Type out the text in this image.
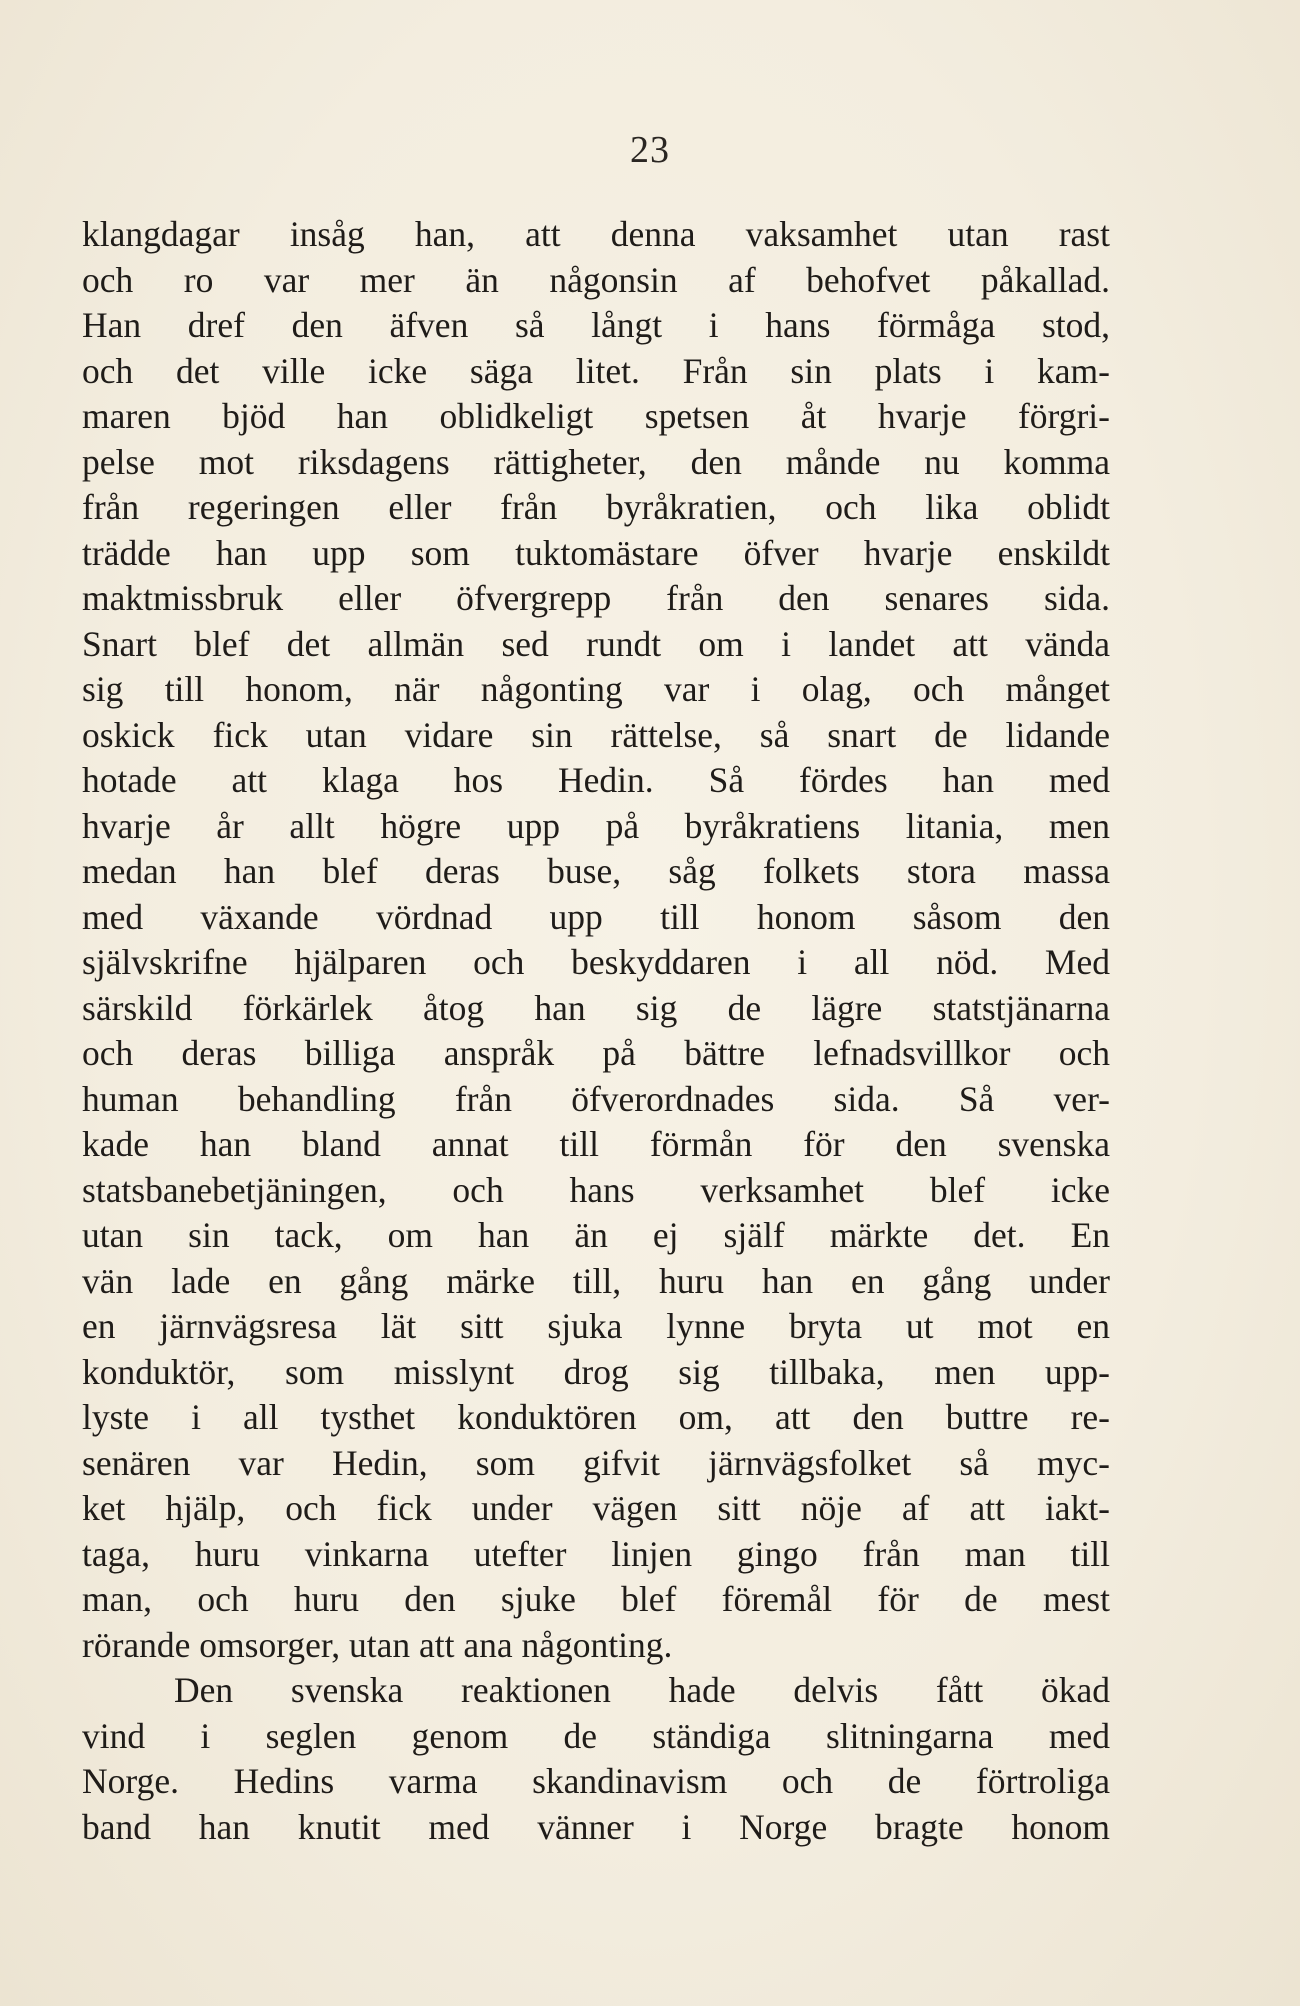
23
klangdagar insåg han, att denna vaksamhet utan rast
och ro var mer än någonsin af behofvet påkallad.
Han dref den äfven så långt i hans förmåga stod,
och det ville icke säga litet. Från sin plats i kam-
maren bjöd han oblidkeligt spetsen åt hvarje förgri-
pelse mot riksdagens rättigheter, den månde nu komma
från regeringen eller från byråkratien, och lika oblidt
trädde han upp som tuktomästare öfver hvarje enskildt
maktmissbruk eller öfvergrepp från den senares sida.
Snart blef det allmän sed rundt om i landet att vända
sig till honom, när någonting var i olag, och månget
oskick fick utan vidare sin rättelse, så snart de lidande
hotade att klaga hos Hedin. Så fördes han med
hvarje år allt högre upp på byråkratiens litania, men
medan han blef deras buse, såg folkets stora massa
med växande vördnad upp till honom såsom den
självskrifne hjälparen och beskyddaren i all nöd. Med
särskild förkärlek åtog han sig de lägre statstjänarna
och deras billiga anspråk på bättre lefnadsvillkor och
human behandling från öfverordnades sida. Så ver-
kade han bland annat till förmån för den svenska
statsbanebetjäningen, och hans verksamhet blef icke
utan sin tack, om han än ej själf märkte det. En
vän lade en gång märke till, huru han en gång under
en järnvägsresa lät sitt sjuka lynne bryta ut mot en
konduktör, som misslynt drog sig tillbaka, men upp-
lyste i all tysthet konduktören om, att den buttre re-
senären var Hedin, som gifvit järnvägsfolket så myc-
ket hjälp, och fick under vägen sitt nöje af att iakt-
taga, huru vinkarna utefter linjen gingo från man till
man, och huru den sjuke blef föremål för de mest
rörande omsorger, utan att ana någonting.
Den svenska reaktionen hade delvis fått ökad
vind i seglen genom de ständiga slitningarna med
Norge. Hedins varma skandinavism och de förtroliga
band han knutit med vänner i Norge bragte honom
